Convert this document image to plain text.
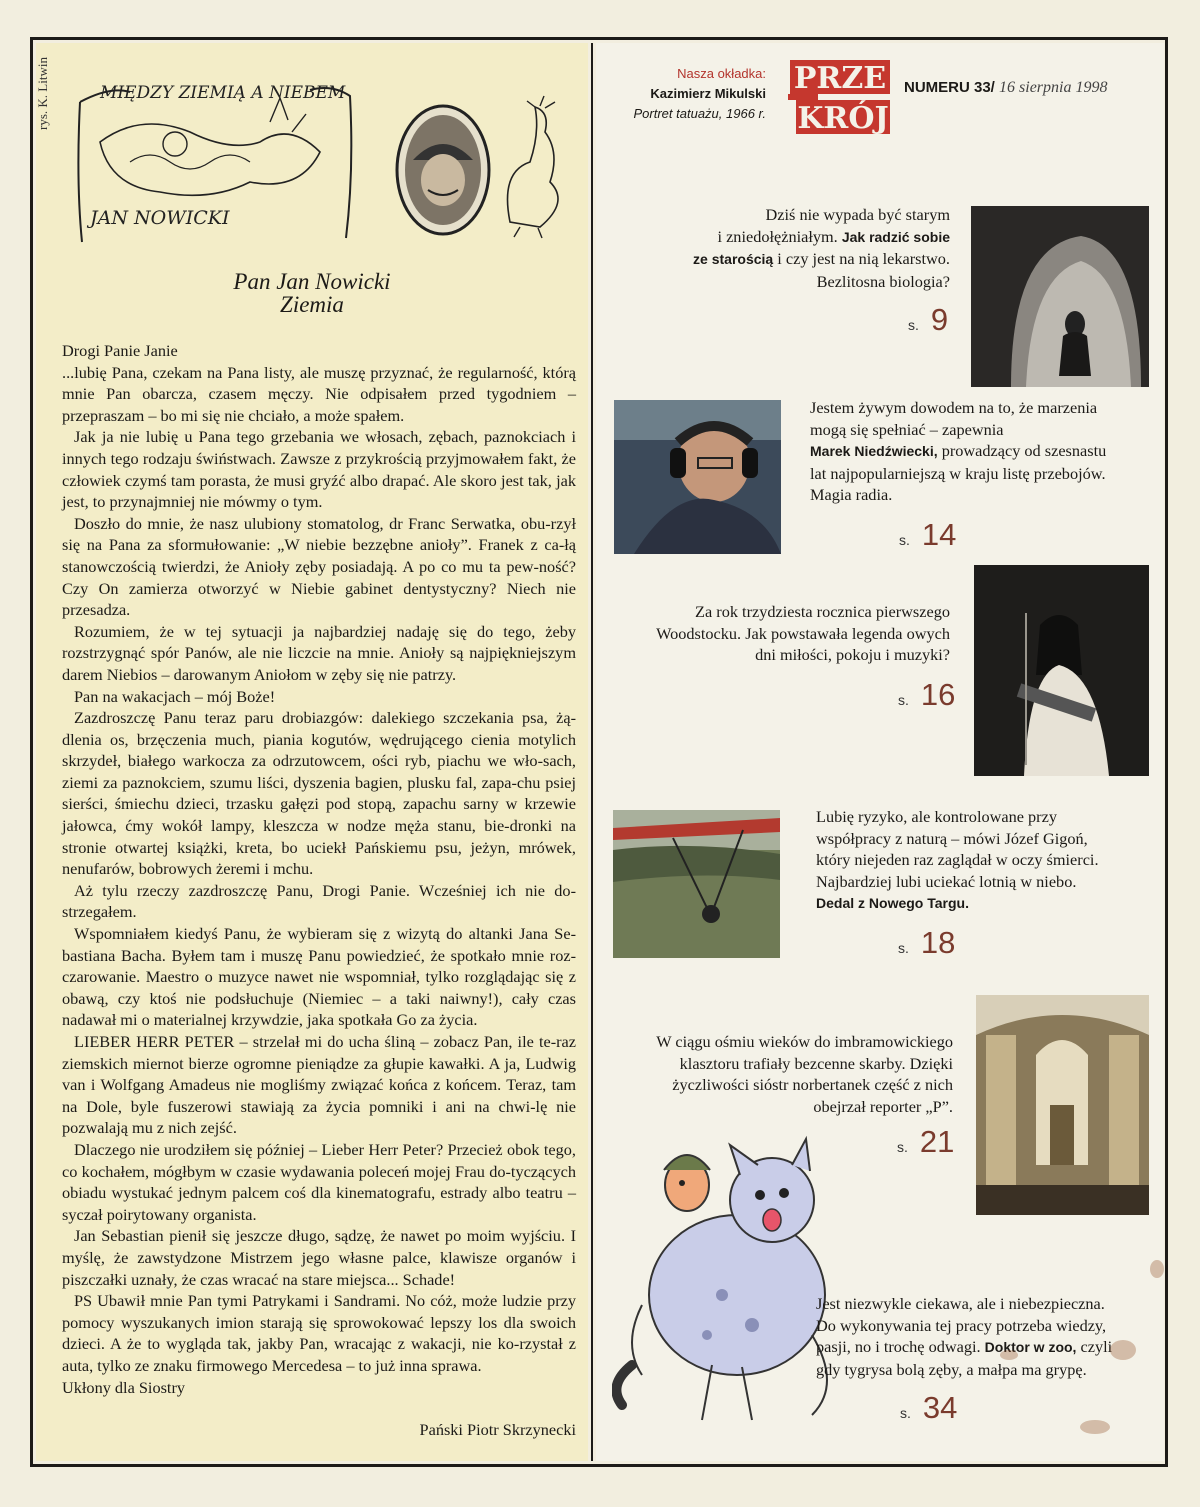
rys. K. Litwin	MIĘDZY ZIEMIĄ A NIEBEM
JAN NOWICKI
Pan Jan Nowicki
Ziemia

Drogi Panie Janie

...lubię Pana, czekam na Pana listy, ale muszę przyznać, że regularność, którą mnie Pan obarcza, czasem męczy. Nie odpisałem przed tygodniem – przepraszam – bo mi się nie chciało, a może spałem.

Jak ja nie lubię u Pana tego grzebania we włosach, zębach, paznokciach i innych tego rodzaju świństwach. Zawsze z przykrością przyjmowałem fakt, że człowiek czymś tam porasta, że musi gryźć albo drapać. Ale skoro jest tak, jak jest, to przynajmniej nie mówmy o tym.

Doszło do mnie, że nasz ulubiony stomatolog, dr Franc Serwatka, obu-rzył się na Pana za sformułowanie: „W niebie bezzębne anioły”. Franek z ca-łą stanowczością twierdzi, że Anioły zęby posiadają. A po co mu ta pew-ność? Czy On zamierza otworzyć w Niebie gabinet dentystyczny? Niech nie przesadza.

Rozumiem, że w tej sytuacji ja najbardziej nadaję się do tego, żeby rozstrzygnąć spór Panów, ale nie liczcie na mnie. Anioły są najpiękniejszym darem Niebios – darowanym Aniołom w zęby się nie patrzy.

Pan na wakacjach – mój Boże!

Zazdroszczę Panu teraz paru drobiazgów: dalekiego szczekania psa, żą-dlenia os, brzęczenia much, piania kogutów, wędrującego cienia motylich skrzydeł, białego warkocza za odrzutowcem, ości ryb, piachu we wło-sach, ziemi za paznokciem, szumu liści, dyszenia bagien, plusku fal, zapa-chu psiej sierści, śmiechu dzieci, trzasku gałęzi pod stopą, zapachu sarny w krzewie jałowca, ćmy wokół lampy, kleszcza w nodze męża stanu, bie-dronki na stronie otwartej książki, kreta, bo uciekł Pańskiemu psu, jeżyn, mrówek, nenufarów, bobrowych żeremi i mchu.

Aż tylu rzeczy zazdroszczę Panu, Drogi Panie. Wcześniej ich nie do-strzegałem.

Wspomniałem kiedyś Panu, że wybieram się z wizytą do altanki Jana Se-bastiana Bacha. Byłem tam i muszę Panu powiedzieć, że spotkało mnie roz-czarowanie. Maestro o muzyce nawet nie wspomniał, tylko rozglądając się z obawą, czy ktoś nie podsłuchuje (Niemiec – a taki naiwny!), cały czas nadawał mi o materialnej krzywdzie, jaka spotkała Go za życia.

LIEBER HERR PETER – strzelał mi do ucha śliną – zobacz Pan, ile te-raz ziemskich miernot bierze ogromne pieniądze za głupie kawałki. A ja, Ludwig van i Wolfgang Amadeus nie mogliśmy związać końca z końcem. Teraz, tam na Dole, byle fuszerowi stawiają za życia pomniki i ani na chwi-lę nie pozwalają mu z nich zejść.

Dlaczego nie urodziłem się później – Lieber Herr Peter? Przecież obok tego, co kochałem, mógłbym w czasie wydawania poleceń mojej Frau do-tyczących obiadu wystukać jednym palcem coś dla kinematografu, estrady albo teatru – syczał poirytowany organista.

Jan Sebastian pienił się jeszcze długo, sądzę, że nawet po moim wyjściu. I myślę, że zawstydzone Mistrzem jego własne palce, klawisze organów i piszczałki uznały, że czas wracać na stare miejsca... Schade!

PS Ubawił mnie Pan tymi Patrykami i Sandrami. No cóż, może ludzie przy pomocy wyszukanych imion starają się sprowokować lepszy los dla swoich dzieci. A że to wygląda tak, jakby Pan, wracając z wakacji, nie ko-rzystał z auta, tylko ze znaku firmowego Mercedesa – to już inna sprawa.

Ukłony dla Siostry

Pański Piotr Skrzynecki
Nasza okładka:
Kazimierz Mikulski
Portret tatuażu, 1966 r.
PRZE
KRÓJ
NUMERU 33/ 16 sierpnia 1998
Dziś nie wypada być starym
i zniedołężniałym. Jak radzić sobie
ze starością i czy jest na nią lekarstwo.
Bezlitosna biologia?
s. 9
Jestem żywym dowodem na to, że marzenia
mogą się spełniać – zapewnia
Marek Niedźwiecki, prowadzący od szesnastu
lat najpopularniejszą w kraju listę przebojów.
Magia radia.
s. 14
Za rok trzydziesta rocznica pierwszego
Woodstocku. Jak powstawała legenda owych
dni miłości, pokoju i muzyki?
s. 16
Lubię ryzyko, ale kontrolowane przy
współpracy z naturą – mówi Józef Gigoń,
który niejeden raz zaglądał w oczy śmierci.
Najbardziej lubi uciekać lotnią w niebo.
Dedal z Nowego Targu.
s. 18
W ciągu ośmiu wieków do imbramowickiego
klasztoru trafiały bezcenne skarby. Dzięki
życzliwości sióstr norbertanek część z nich
obejrzał reporter „P”.
s. 21
Jest niezwykle ciekawa, ale i niebezpieczna.
Do wykonywania tej pracy potrzeba wiedzy,
pasji, no i trochę odwagi. Doktor w zoo, czyli
gdy tygrysa bolą zęby, a małpa ma grypę.
s. 34
